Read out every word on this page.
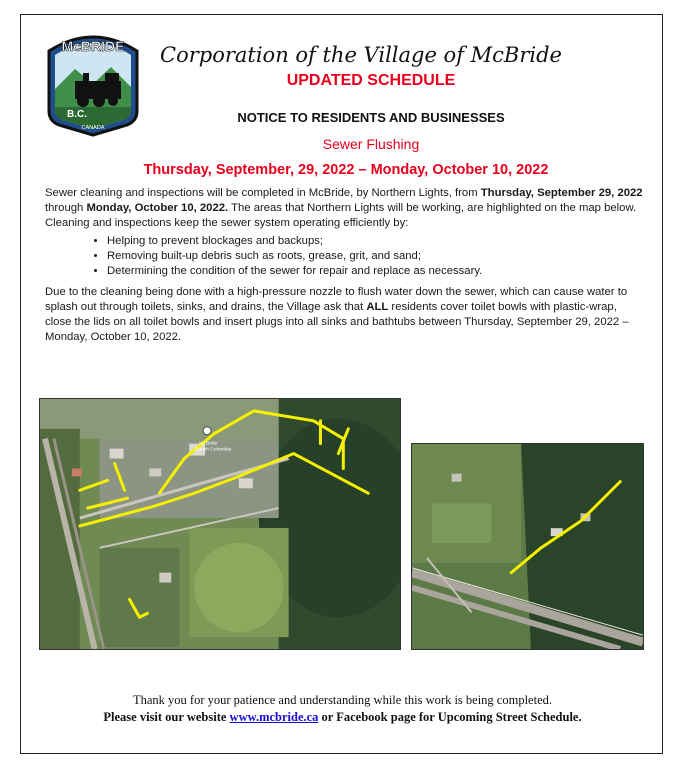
McBRIDE
B.C.
CANADA
Corporation of the Village of McBride
UPDATED SCHEDULE
NOTICE TO RESIDENTS AND BUSINESSES
Sewer Flushing
Thursday, September, 29, 2022 – Monday, October 10, 2022

Sewer cleaning and inspections will be completed in McBride, by Northern Lights, from Thursday, September 29, 2022 through Monday, October 10, 2022. The areas that Northern Lights will be working, are highlighted on the map below.

Cleaning and inspections keep the sewer system operating efficiently by:

• Helping to prevent blockages and backups;
• Removing built-up debris such as roots, grease, grit, and sand;
• Determining the condition of the sewer for repair and replace as necessary.

Due to the cleaning being done with a high-pressure nozzle to flush water down the sewer, which can cause water to splash out through toilets, sinks, and drains, the Village ask that ALL residents cover toilet bowls with plastic-wrap, close the lids on all toilet bowls and insert plugs into all sinks and bathtubs between Thursday, September 29, 2022 – Monday, October 10, 2022.

McBride
British Columbia
Thank you for your patience and understanding while this work is being completed.
Please visit our website www.mcbride.ca or Facebook page for Upcoming Street Schedule.
